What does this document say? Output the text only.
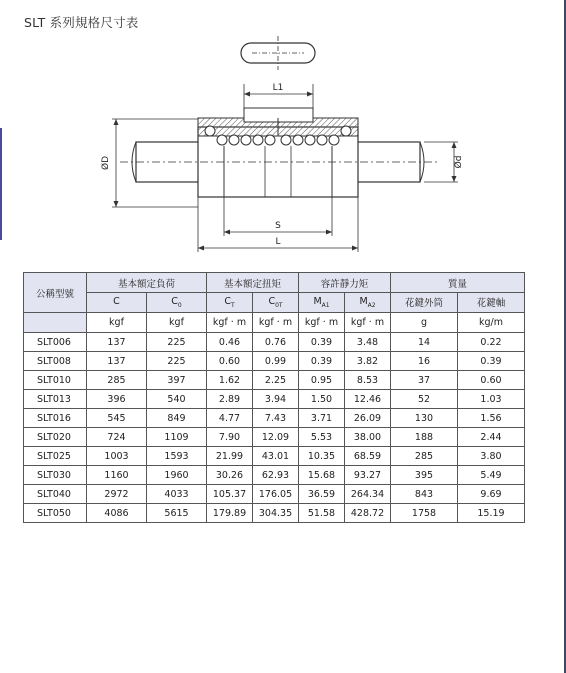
SLT 系列規格尺寸表
L1
ØD	Ød
S
L
公稱型號	基本額定負荷		基本額定扭矩		容許靜力矩		質量	
	C	$C_0$	$C_T$	$C_{0T}$	$M_{A1}$	$M_{A2}$	花鍵外筒	花鍵軸
	kgf	kgf	kgf · m	kgf · m	kgf · m	kgf · m	g	kg/m
SLT006	137	225	0.46	0.76	0.39	3.48	14	0.22
SLT008	137	225	0.60	0.99	0.39	3.82	16	0.39
SLT010	285	397	1.62	2.25	0.95	8.53	37	0.60
SLT013	396	540	2.89	3.94	1.50	12.46	52	1.03
SLT016	545	849	4.77	7.43	3.71	26.09	130	1.56
SLT020	724	1109	7.90	12.09	5.53	38.00	188	2.44
SLT025	1003	1593	21.99	43.01	10.35	68.59	285	3.80
SLT030	1160	1960	30.26	62.93	15.68	93.27	395	5.49
SLT040	2972	4033	105.37	176.05	36.59	264.34	843	9.69
SLT050	4086	5615	179.89	304.35	51.58	428.72	1758	15.19
